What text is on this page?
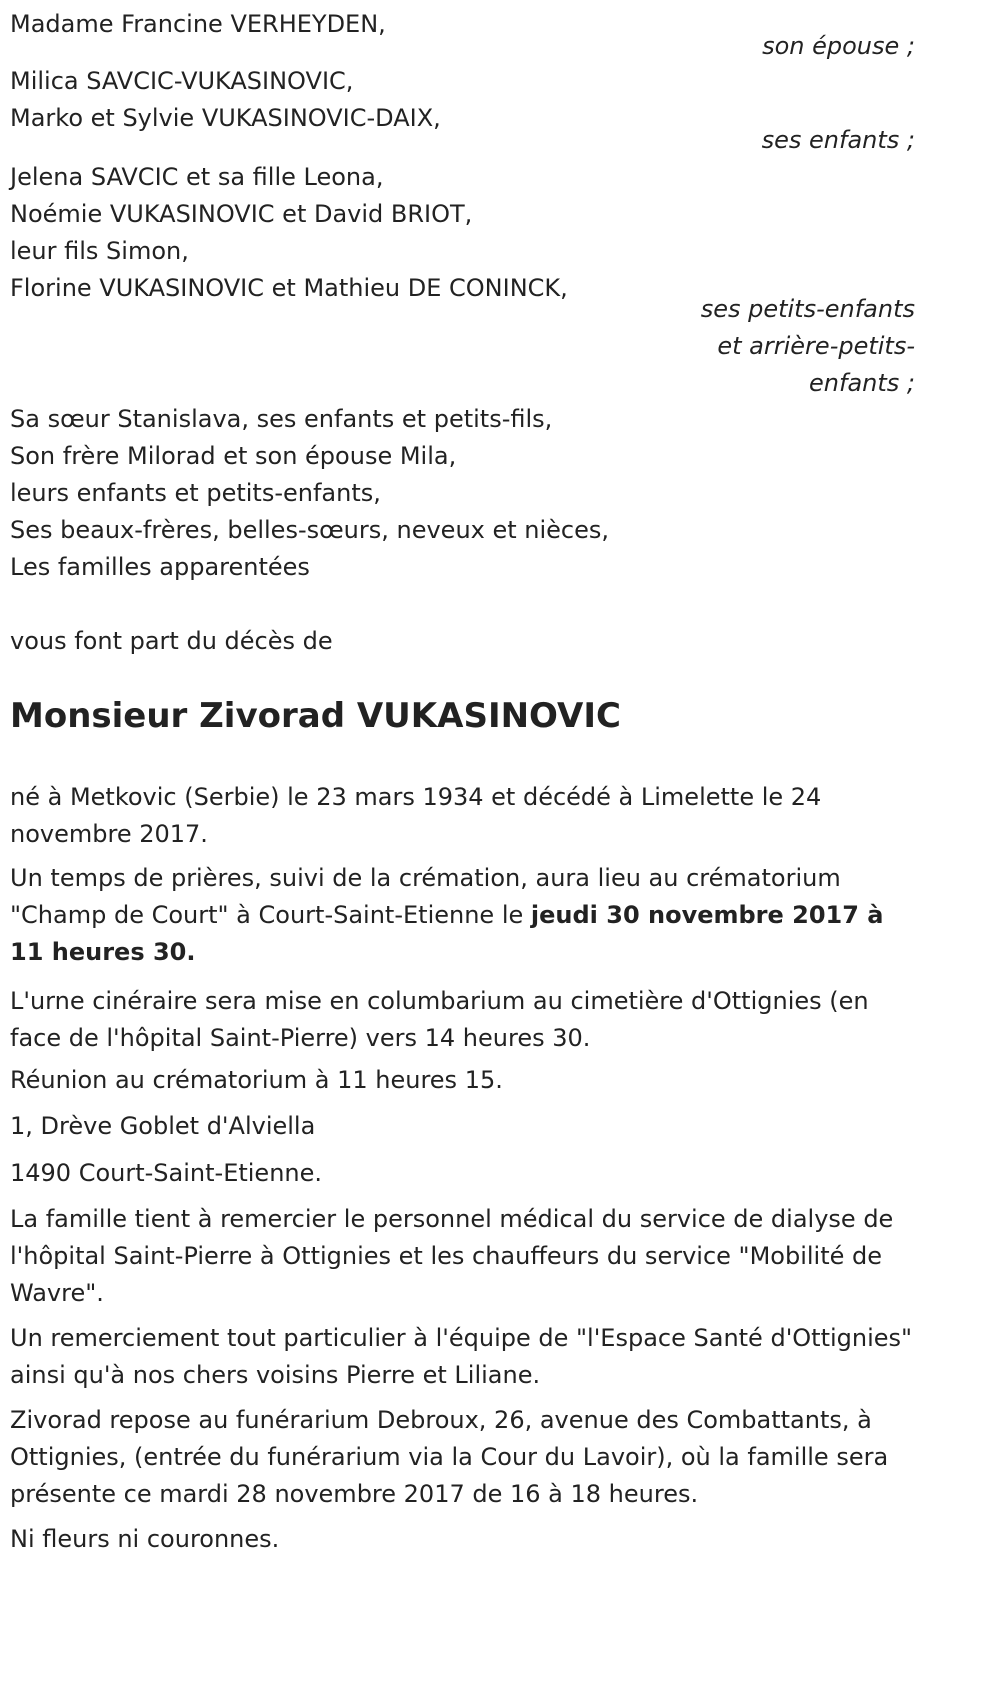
Madame Francine VERHEYDEN,
son épouse ;
Milica SAVCIC-VUKASINOVIC,
Marko et Sylvie VUKASINOVIC-DAIX,
ses enfants ;
Jelena SAVCIC et sa fille Leona,
Noémie VUKASINOVIC et David BRIOT,
leur fils Simon,
Florine VUKASINOVIC et Mathieu DE CONINCK,
ses petits-enfants
et arrière-petits-
enfants ;
Sa sœur Stanislava, ses enfants et petits-fils,
Son frère Milorad et son épouse Mila,
leurs enfants et petits-enfants,
Ses beaux-frères, belles-sœurs, neveux et nièces,
Les familles apparentées
vous font part du décès de
Monsieur Zivorad VUKASINOVIC

né à Metkovic (Serbie) le 23 mars 1934 et décédé à Limelette le 24 novembre 2017.

Un temps de prières, suivi de la crémation, aura lieu au crématorium "Champ de Court" à Court-Saint-Etienne le jeudi 30 novembre 2017 à 11 heures 30.

L'urne cinéraire sera mise en columbarium au cimetière d'Ottignies (en face de l'hôpital Saint-Pierre) vers 14 heures 30.

Réunion au crématorium à 11 heures 15.

1, Drève Goblet d'Alviella

1490 Court-Saint-Etienne.

La famille tient à remercier le personnel médical du service de dialyse de l'hôpital Saint-Pierre à Ottignies et les chauffeurs du service "Mobilité de Wavre".

Un remerciement tout particulier à l'équipe de "l'Espace Santé d'Ottignies" ainsi qu'à nos chers voisins Pierre et Liliane.

Zivorad repose au funérarium Debroux, 26, avenue des Combattants, à Ottignies, (entrée du funérarium via la Cour du Lavoir), où la famille sera présente ce mardi 28 novembre 2017 de 16 à 18 heures.

Ni fleurs ni couronnes.
